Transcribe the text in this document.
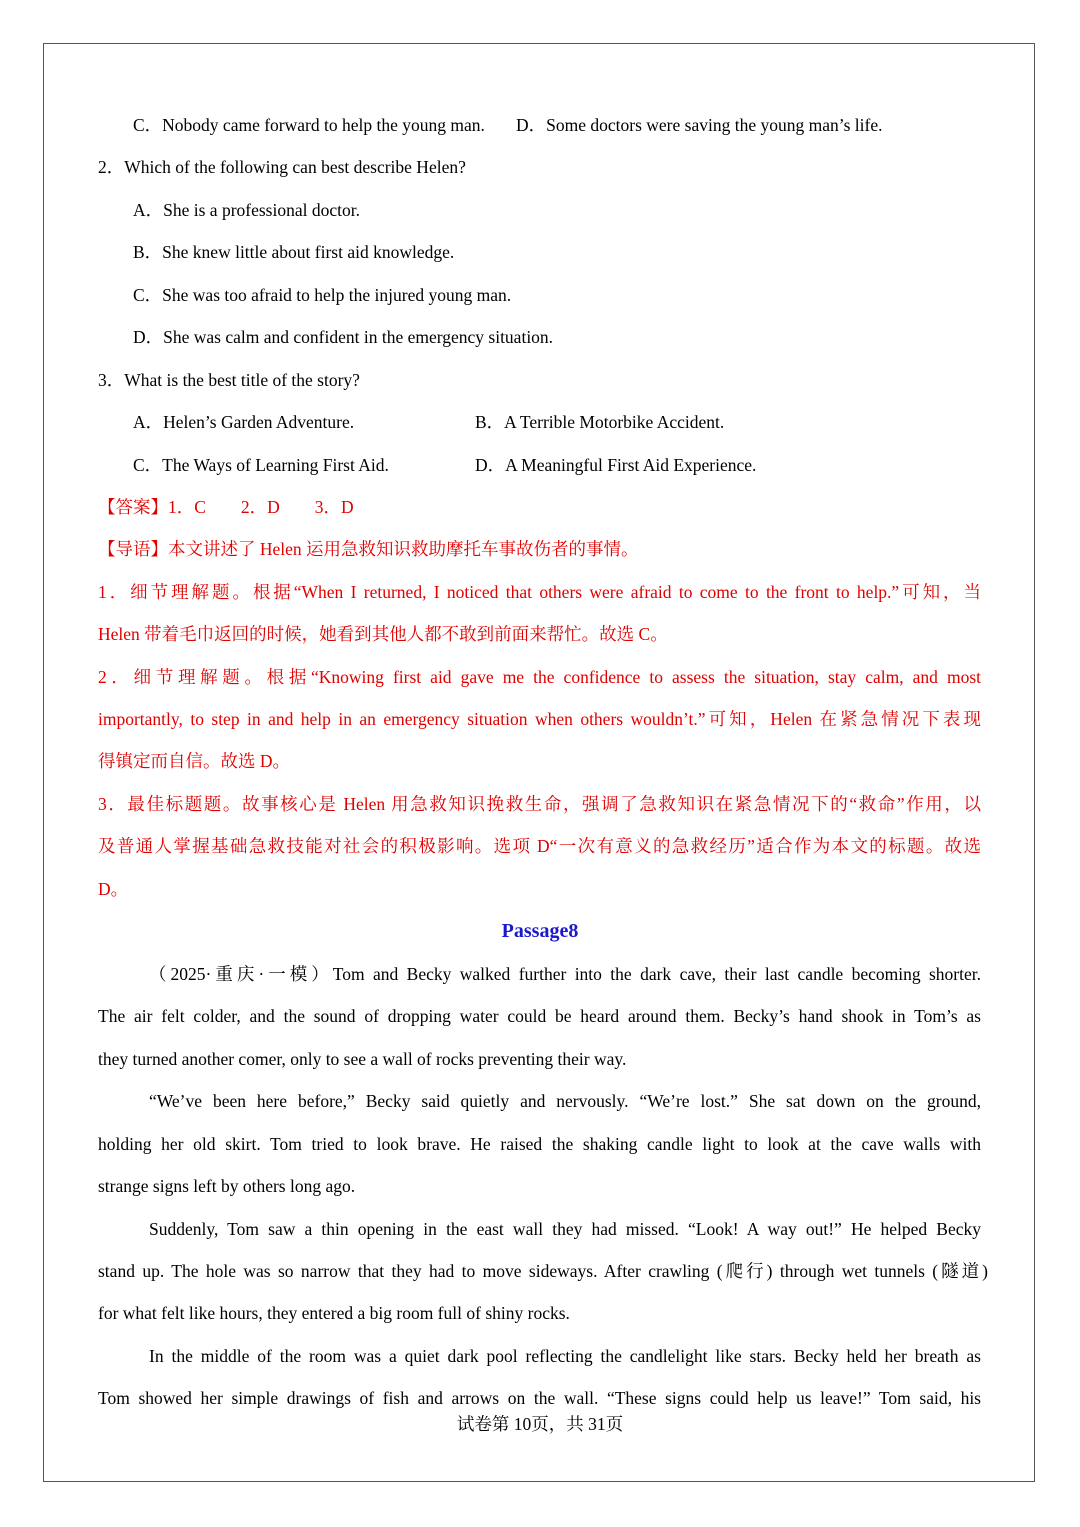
C．Nobody came forward to help the young man. D．Some doctors were saving the young man’s life.
2．Which of the following can best describe Helen?
A．She is a professional doctor.
B．She knew little about first aid knowledge.
C．She was too afraid to help the injured young man.
D．She was calm and confident in the emergency situation.
3．What is the best title of the story?
A．Helen’s Garden Adventure.	B．A Terrible Motorbike Accident.
C．The Ways of Learning First Aid.	D．A Meaningful First Aid Experience.
【答案】1．C　　2．D　　3．D
【导语】本文讲述了 Helen 运用急救知识救助摩托车事故伤者的事情。
1．细节理解题。根据“When I returned, I noticed that others were afraid to come to the front to help.”可知，当
Helen 带着毛巾返回的时候，她看到其他人都不敢到前面来帮忙。故选 C。
2．细节理解题。根据“Knowing first aid gave me the confidence to assess the situation, stay calm, and most
importantly, to step in and help in an emergency situation when others wouldn’t.”可知，Helen 在紧急情况下表现
得镇定而自信。故选 D。
3．最佳标题题。故事核心是 Helen 用急救知识挽救生命，强调了急救知识在紧急情况下的“救命”作用，以
及普通人掌握基础急救技能对社会的积极影响。选项 D“一次有意义的急救经历”适合作为本文的标题。故选
D。
Passage8
（2025·重庆·一模）Tom and Becky walked further into the dark cave, their last candle becoming shorter.
The air felt colder, and the sound of dropping water could be heard around them. Becky’s hand shook in Tom’s as
they turned another comer, only to see a wall of rocks preventing their way.
“We’ve been here before,” Becky said quietly and nervously. “We’re lost.” She sat down on the ground,
holding her old skirt. Tom tried to look brave. He raised the shaking candle light to look at the cave walls with
strange signs left by others long ago.
Suddenly, Tom saw a thin opening in the east wall they had missed. “Look! A way out!” He helped Becky
stand up. The hole was so narrow that they had to move sideways. After crawling (爬行) through wet tunnels (隧道)
for what felt like hours, they entered a big room full of shiny rocks.
In the middle of the room was a quiet dark pool reflecting the candlelight like stars. Becky held her breath as
Tom showed her simple drawings of fish and arrows on the wall. “These signs could help us leave!” Tom said, his
试卷第 10页，共 31页
